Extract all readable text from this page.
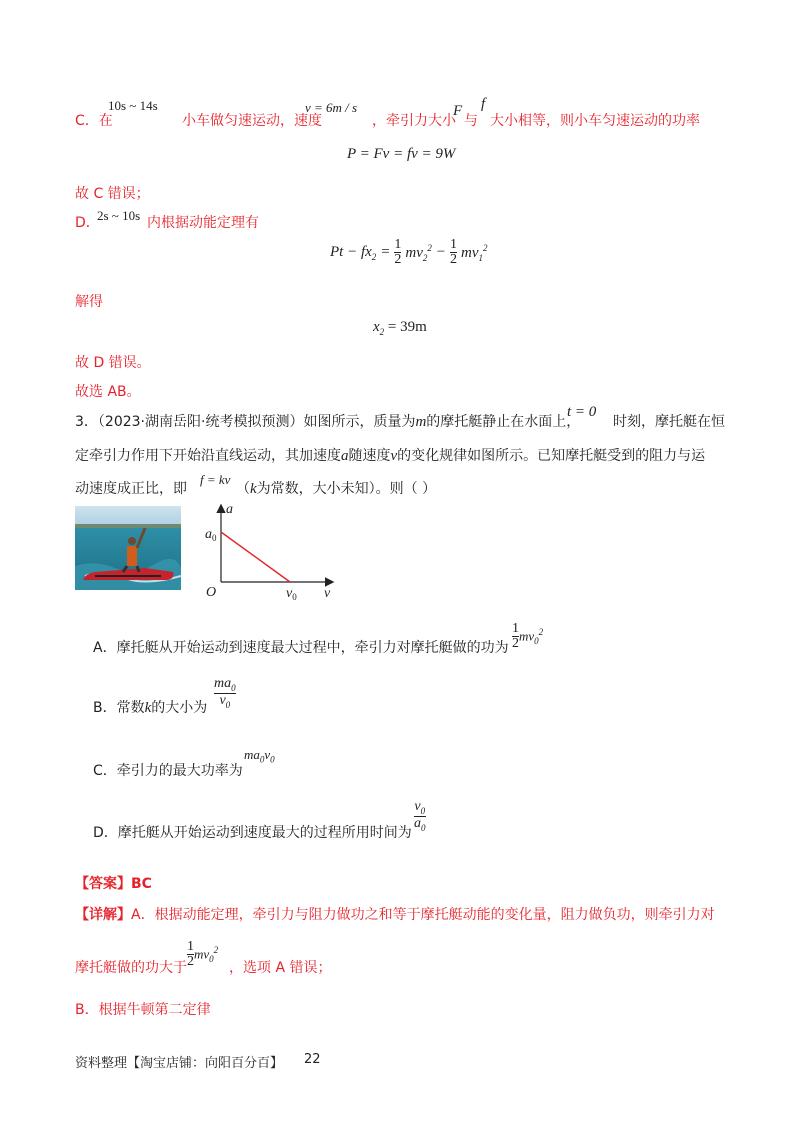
C．在
10s ~ 14s
小车做匀速运动，速度
v = 6m / s
，牵引力大小
F
与
f
大小相等，则小车匀速运动的功率
P = Fv = fv = 9W
故 C 错误；
D．
2s ~ 10s 内根据动能定理有
$Pt - fx_2 = \frac{1}{2} mv_2^2 - \frac{1}{2} mv_1^2$
解得
$x_2 = 39m$
故 D 错误。
故选 AB。
3．（2023·湖南岳阳·统考模拟预测）如图所示，质量为m的摩托艇静止在水面上，
t = 0
时刻，摩托艇在恒
定牵引力作用下开始沿直线运动，其加速度a随速度v的变化规律如图所示。已知摩托艇受到的阻力与运
动速度成正比，即
f = kv
（k为常数，大小未知）。则（ ）
a
v
O
$a_0$
$v_0$
A．摩托艇从开始运动到速度最大过程中，牵引力对摩托艇做的功为 $\frac{1}{2} mv_0^2$
B．常数k的大小为 $\frac{ma_0}{v_0}$
C．牵引力的最大功率为
$ma_0v_0$
D．摩托艇从开始运动到速度最大的过程所用时间为
$\frac{v_0}{a_0}$
【答案】BC
【详解】A．根据动能定理，牵引力与阻力做功之和等于摩托艇动能的变化量，阻力做负功，则牵引力对
摩托艇做的功大于 $\frac{1}{2} mv_0^2$
，选项 A 错误；
B．根据牛顿第二定律
资料整理【淘宝店铺：向阳百分百】 22
